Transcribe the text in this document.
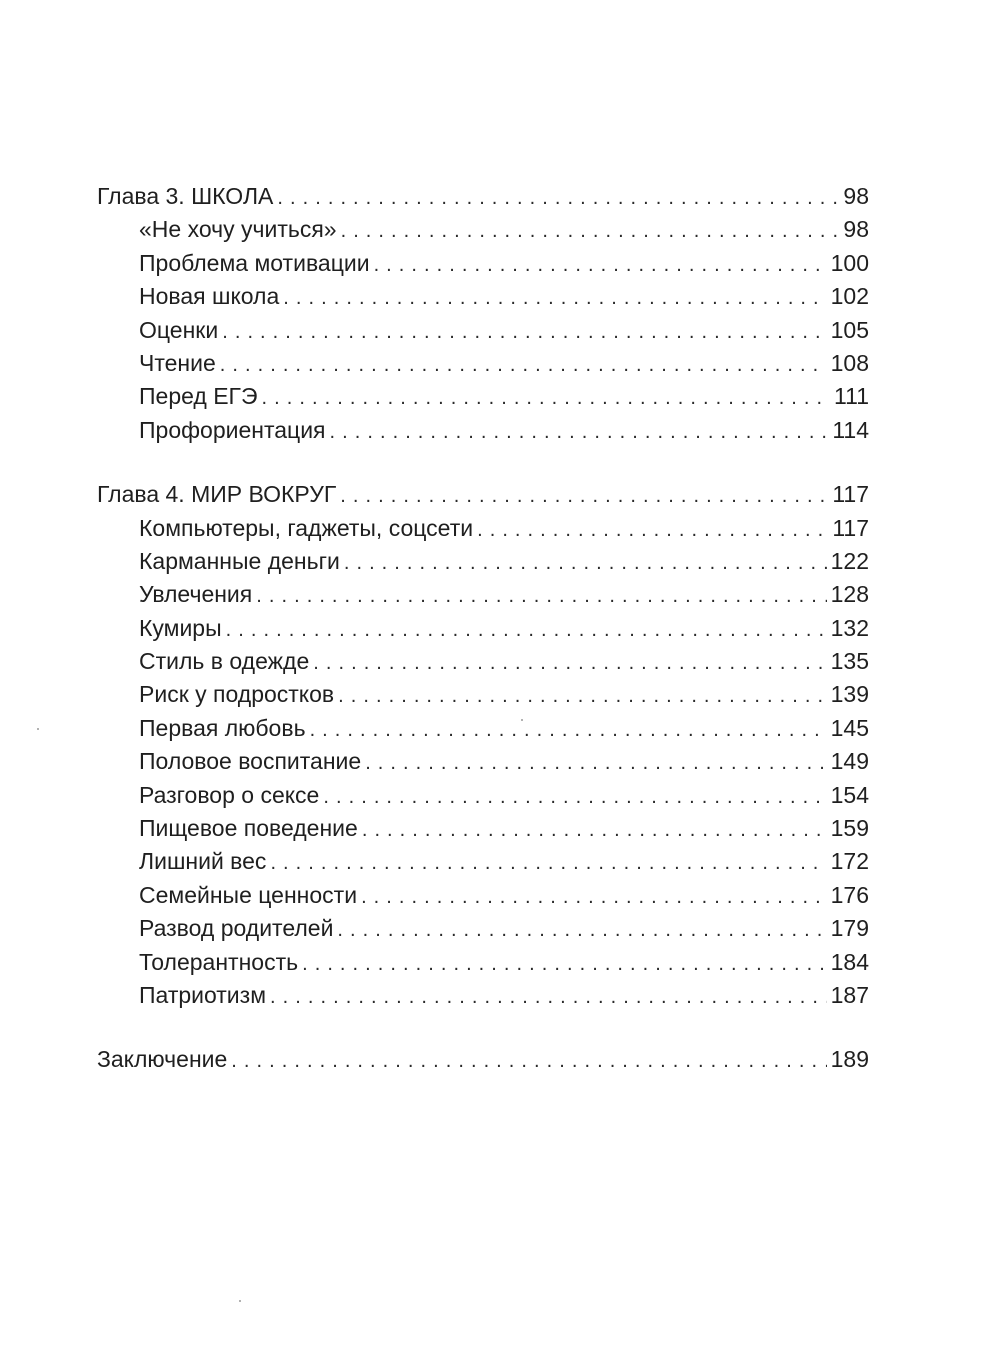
Глава 3. ШКОЛА . . .	98
«Не хочу учиться» . . .	98
Проблема мотивации . . .	100
Новая школа . . .	102
Оценки . . .	105
Чтение . . .	108
Перед ЕГЭ . . .	111
Профориентация . . .	114
Глава 4. МИР ВОКРУГ . . .	117
Компьютеры, гаджеты, соцсети . . .	117
Карманные деньги . . .	122
Увлечения . . .	128
Кумиры . . .	132
Стиль в одежде . . .	135
Риск у подростков . . .	139
Первая любовь . . .	145
Половое воспитание . . .	149
Разговор о сексе . . .	154
Пищевое поведение . . .	159
Лишний вес . . .	172
Семейные ценности . . .	176
Развод родителей . . .	179
Толерантность . . .	184
Патриотизм . . .	187
Заключение . . .	189
